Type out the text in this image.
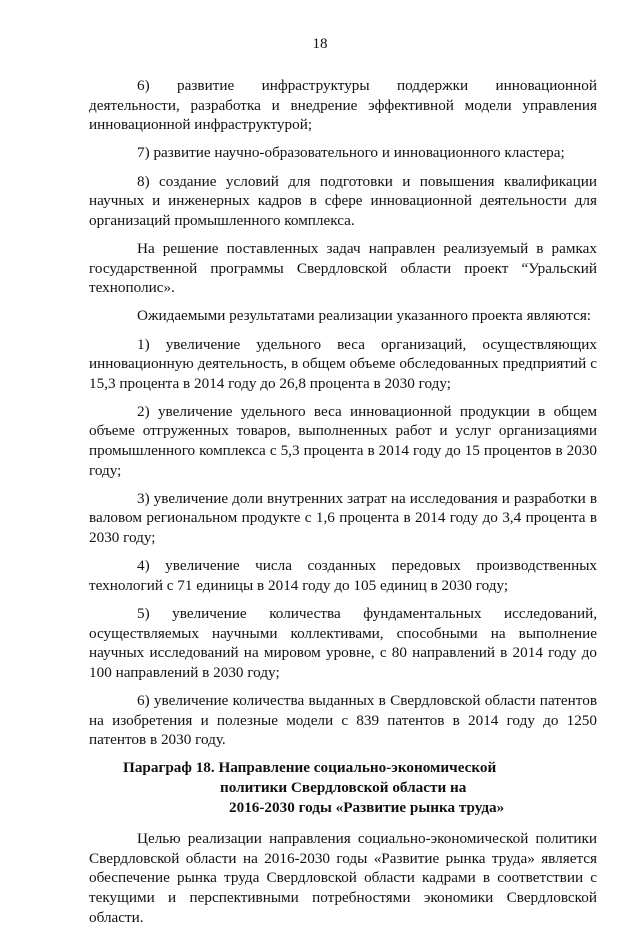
18

6) развитие инфраструктуры поддержки инновационной деятельности, разработка и внедрение эффективной модели управления инновационной инфраструктурой;

7) развитие научно-образовательного и инновационного кластера;

8) создание условий для подготовки и повышения квалификации научных и инженерных кадров в сфере инновационной деятельности для организаций промышленного комплекса.

На решение поставленных задач направлен реализуемый в рамках государственной программы Свердловской области проект “Уральский технополис».

Ожидаемыми результатами реализации указанного проекта являются:

1) увеличение удельного веса организаций, осуществляющих инновационную деятельность, в общем объеме обследованных предприятий с 15,3 процента в 2014 году до 26,8 процента в 2030 году;

2) увеличение удельного веса инновационной продукции в общем объеме отгруженных товаров, выполненных работ и услуг организациями промышленного комплекса с 5,3 процента в 2014 году до 15 процентов в 2030 году;

3) увеличение доли внутренних затрат на исследования и разработки в валовом региональном продукте с 1,6 процента в 2014 году до 3,4 процента в 2030 году;

4) увеличение числа созданных передовых производственных технологий с 71 единицы в 2014 году до 105 единиц в 2030 году;

5) увеличение количества фундаментальных исследований, осуществляемых научными коллективами, способными на выполнение научных исследований на мировом уровне, с 80 направлений в 2014 году до 100 направлений в 2030 году;

6) увеличение количества выданных в Свердловской области патентов на изобретения и полезные модели с 839 патентов в 2014 году до 1250 патентов в 2030 году.

Параграф 18. Направление социально-экономической
политики Свердловской области на
2016-2030 годы «Развитие рынка труда»

Целью реализации направления социально-экономической политики Свердловской области на 2016-2030 годы «Развитие рынка труда» является обеспечение рынка труда Свердловской области кадрами в соответствии с текущими и перспективными потребностями экономики Свердловской области.
